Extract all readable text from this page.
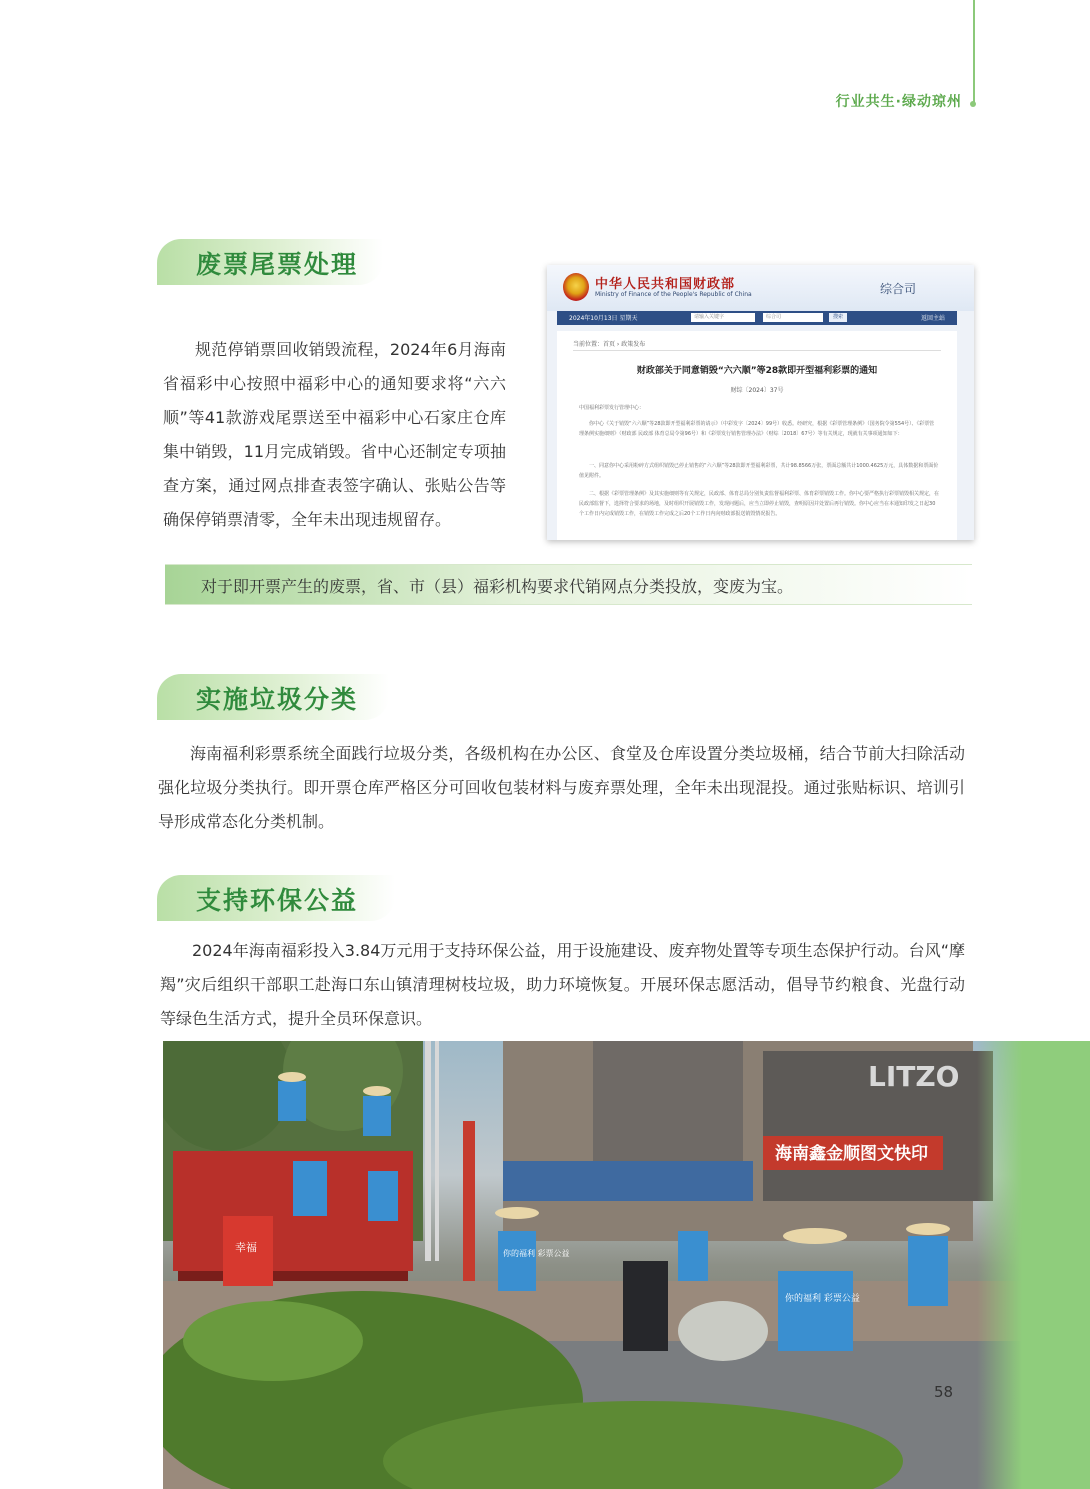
行业共生·绿动琼州
废票尾票处理

规范停销票回收销毁流程，2024年6月海南省福彩中心按照中福彩中心的通知要求将“六六顺”等41款游戏尾票送至中福彩中心石家庄仓库集中销毁，11月完成销毁。省中心还制定专项抽查方案，通过网点排查表签字确认、张贴公告等确保停销票清零，全年未出现违规留存。

中华人民共和国财政部
Ministry of Finance of the People's Republic of China	综合司
2024年10月13日 星期天	请输入关键字	综合司	搜索	返回主站
当前位置：首页 › 政策发布
财政部关于同意销毁“六六顺”等28款即开型福利彩票的通知
财综〔2024〕37号
中国福利彩票发行管理中心：
你中心《关于销毁“六六顺”等28款即开型福利彩票的请示》（中彩发字〔2024〕99号）收悉。经研究，根据《彩票管理条例》（国务院令第554号）、《彩票管理条例实施细则》（财政部 民政部 体育总局令第96号）和《彩票发行销售管理办法》（财综〔2018〕67号）等有关规定，现就有关事项通知如下：
一、同意你中心采用粉碎方式组织销毁已停止销售的“六六顺”等28款即开型福利彩票，共计98.8566万张，票面总额共计1000.4625万元，具体数据和票面价值见附件。
二、根据《彩票管理条例》及其实施细则等有关规定，民政部、体育总局分别负责监督福利彩票、体育彩票销毁工作。你中心要严格执行彩票销毁相关规定，在民政部监督下，选择符合要求的场地，及时组织开展销毁工作，发现问题后，应当立即停止销毁，查明原因并处置后再行销毁。你中心应当在本通知印发之日起30个工作日内完成销毁工作，在销毁工作完成之后20个工作日内向财政部报送销毁情况报告。
对于即开票产生的废票，省、市（县）福彩机构要求代销网点分类投放，变废为宝。
实施垃圾分类

海南福利彩票系统全面践行垃圾分类，各级机构在办公区、食堂及仓库设置分类垃圾桶，结合节前大扫除活动强化垃圾分类执行。即开票仓库严格区分可回收包装材料与废弃票处理，全年未出现混投。通过张贴标识、培训引导形成常态化分类机制。

支持环保公益

2024年海南福彩投入3.84万元用于支持环保公益，用于设施建设、废弃物处置等专项生态保护行动。台风“摩羯”灾后组织干部职工赴海口东山镇清理树枝垃圾，助力环境恢复。开展环保志愿活动，倡导节约粮食、光盘行动等绿色生活方式，提升全员环保意识。

LITZO
海南鑫金顺图文快印
幸福	你的福利 彩票公益
你的福利 彩票公益
58
